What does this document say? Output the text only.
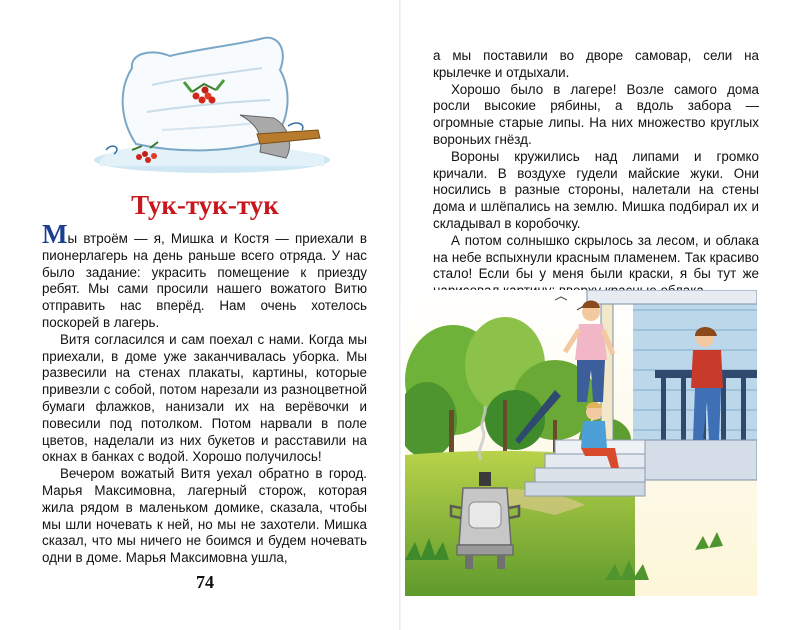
Тук-тук-тук

Мы втроём — я, Мишка и Костя — приехали в пионерлагерь на день раньше всего отряда. У нас было задание: украсить помещение к приезду ребят. Мы сами просили нашего вожатого Витю отправить нас вперёд. Нам очень хотелось поскорей в лагерь.

Витя согласился и сам поехал с нами. Когда мы приехали, в доме уже заканчивалась уборка. Мы развесили на стенах плакаты, картины, которые привезли с собой, потом нарезали из разноцветной бумаги флажков, нанизали их на верёвочки и повесили под потолком. Потом нарвали в поле цветов, наделали из них букетов и расставили на окнах в банках с водой. Хорошо получилось!

Вечером вожатый Витя уехал обратно в город. Марья Максимовна, лагерный сторож, которая жила рядом в маленьком домике, сказала, чтобы мы шли ночевать к ней, но мы не захотели. Мишка сказал, что мы ничего не боимся и будем ночевать одни в доме. Марья Максимовна ушла,

74

а мы поставили во дворе самовар, сели на крылечке и отдыхали.

Хорошо было в лагере! Возле самого дома росли высокие рябины, а вдоль забора — огромные старые липы. На них множество круглых вороньих гнёзд.

Вороны кружились над липами и громко кричали. В воздухе гудели майские жуки. Они носились в разные стороны, налетали на стены дома и шлёпались на землю. Мишка подбирал их и складывал в коробочку.

А потом солнышко скрылось за лесом, и облака на небе вспыхнули красным пламенем. Так красиво стало! Если бы у меня были краски, я бы тут же
